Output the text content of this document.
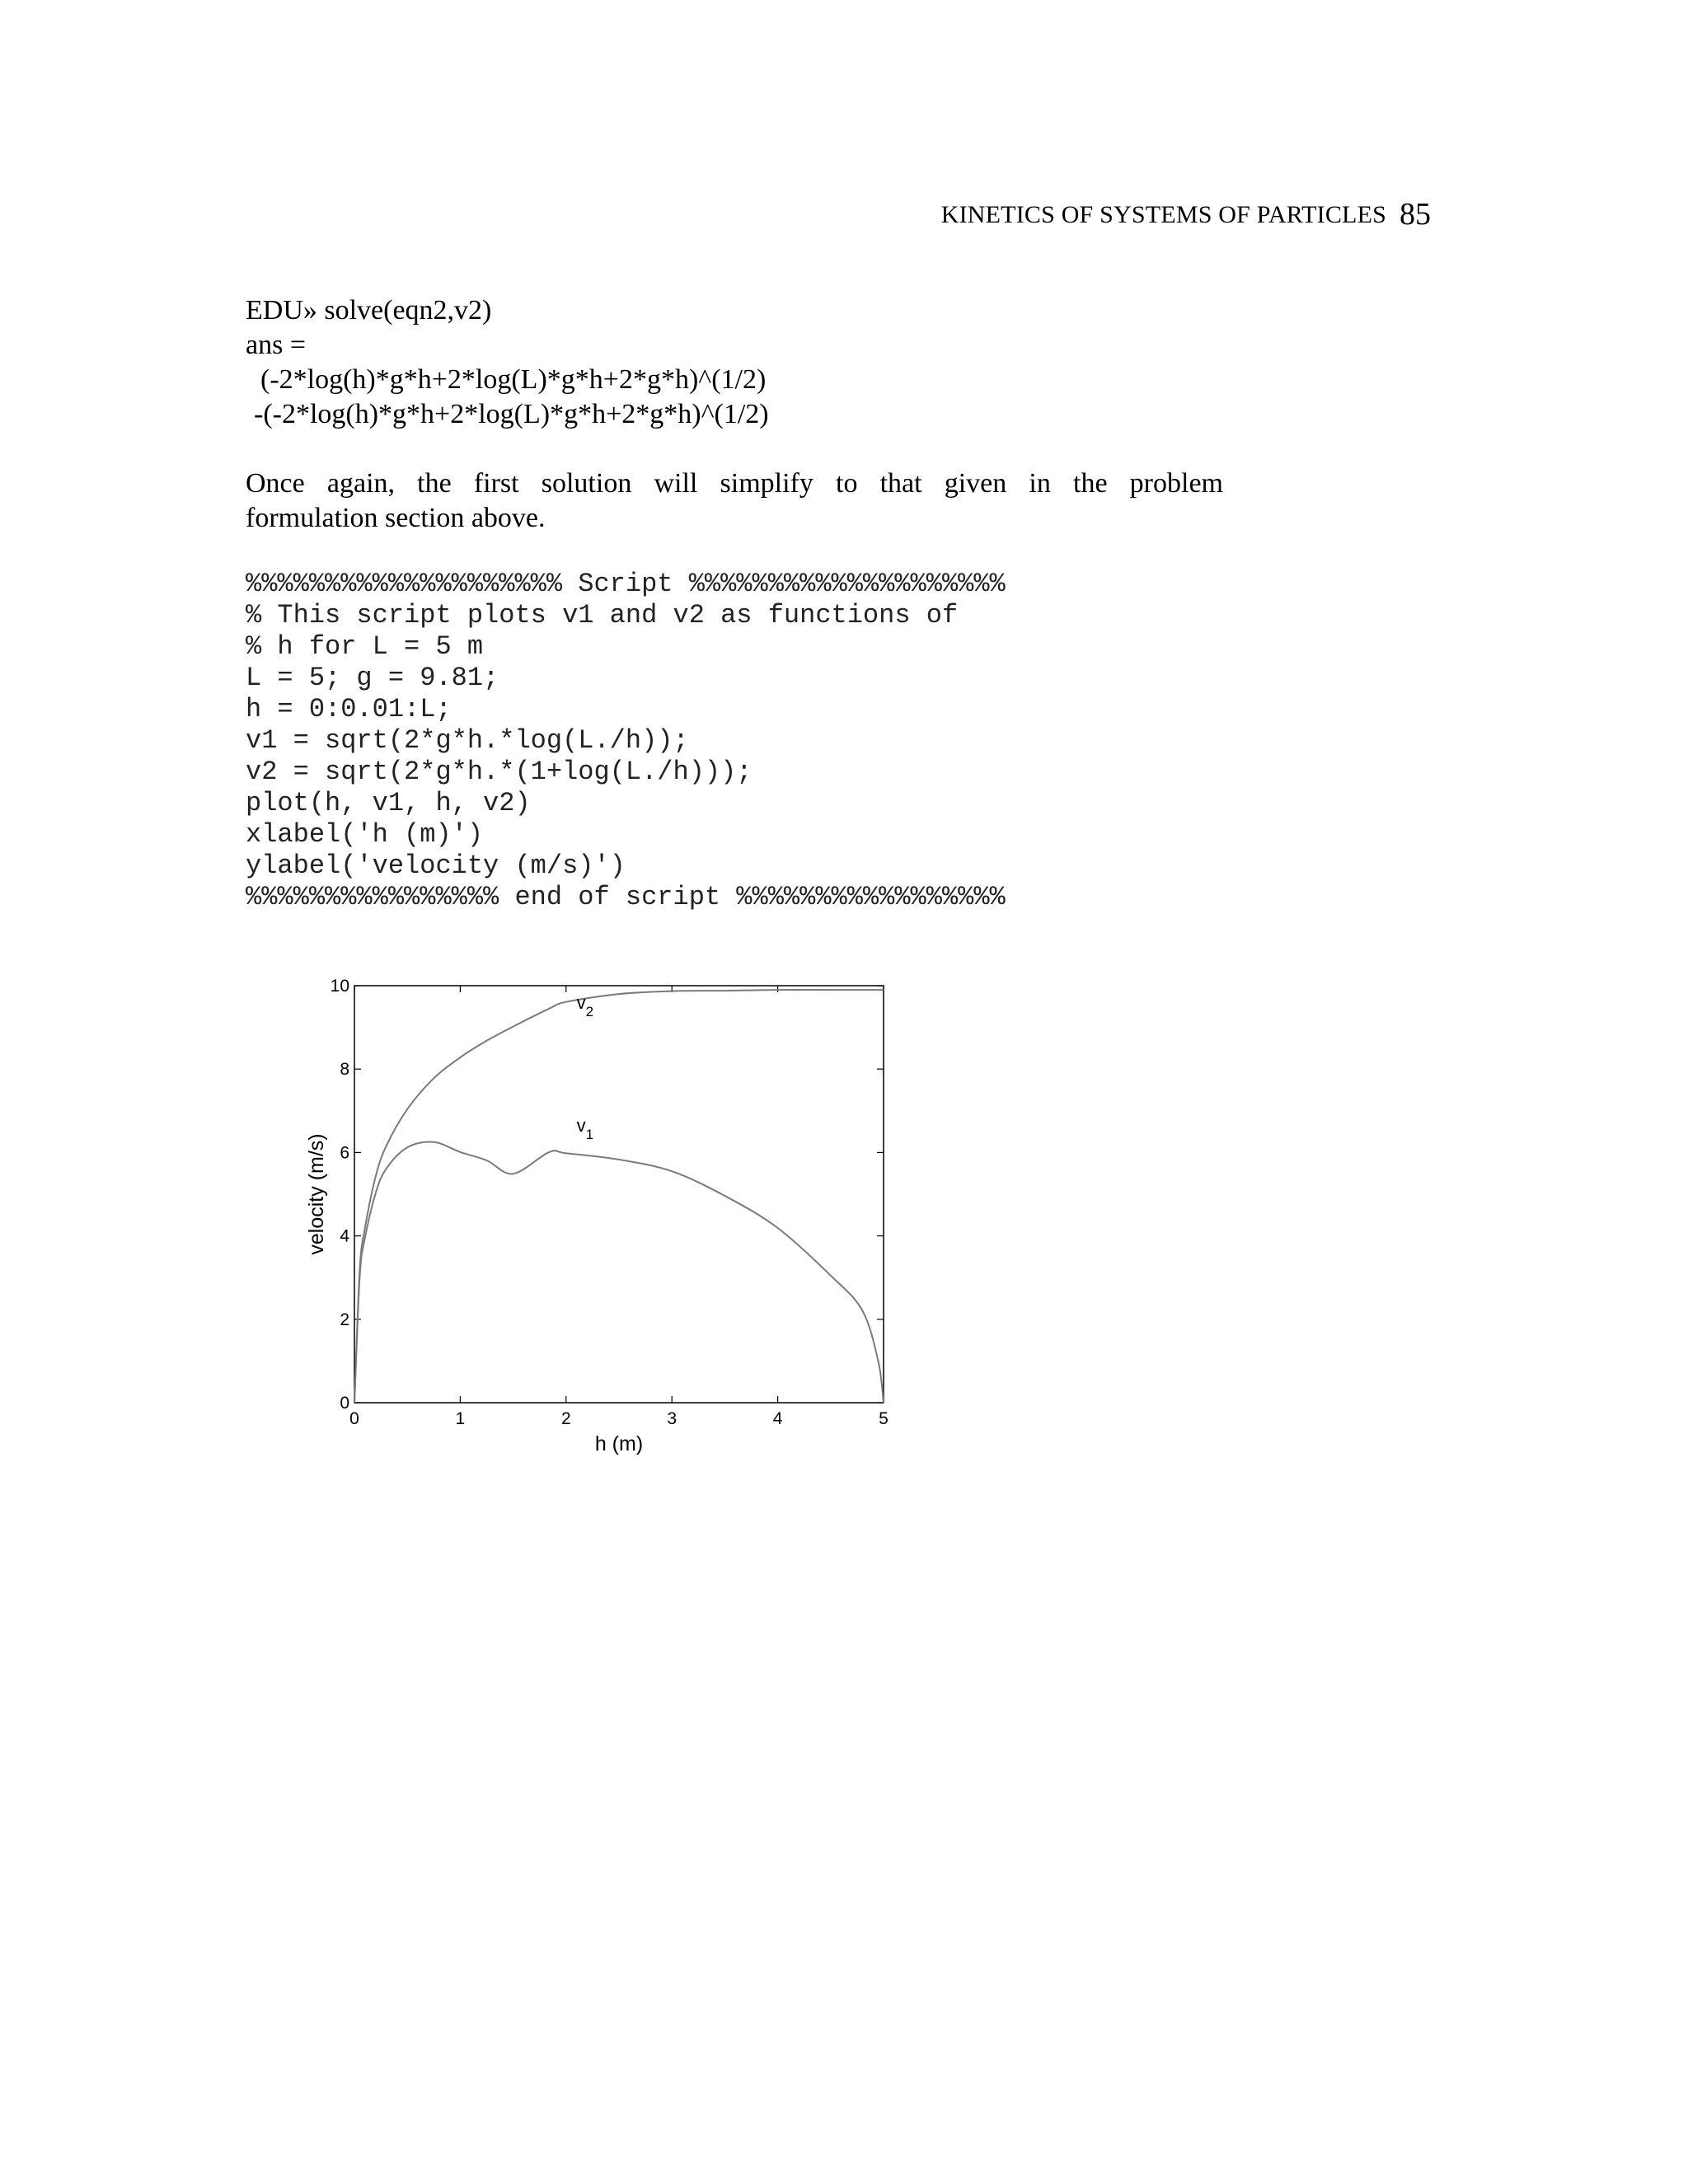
KINETICS OF SYSTEMS OF PARTICLES 85
EDU» solve(eqn2,v2)
ans =
(-2*log(h)*g*h+2*log(L)*g*h+2*g*h)^(1/2)
-(-2*log(h)*g*h+2*log(L)*g*h+2*g*h)^(1/2)
Once again, the first solution will simplify to that given in the problem
formulation section above.
%%%%%%%%%%%%%%%%%%%% Script %%%%%%%%%%%%%%%%%%%%
% This script plots v1 and v2 as functions of
% h for L = 5 m
L = 5; g = 9.81;
h = 0:0.01:L;
v1 = sqrt(2*g*h.*log(L./h));
v2 = sqrt(2*g*h.*(1+log(L./h)));
plot(h, v1, h, v2)
xlabel('h (m)')
ylabel('velocity (m/s)')
%%%%%%%%%%%%%%%% end of script %%%%%%%%%%%%%%%%%
0	1	2	3	4	5
0
2
4
6
8
10
h (m)
velocity (m/s)
$v_1$
$v_2$
